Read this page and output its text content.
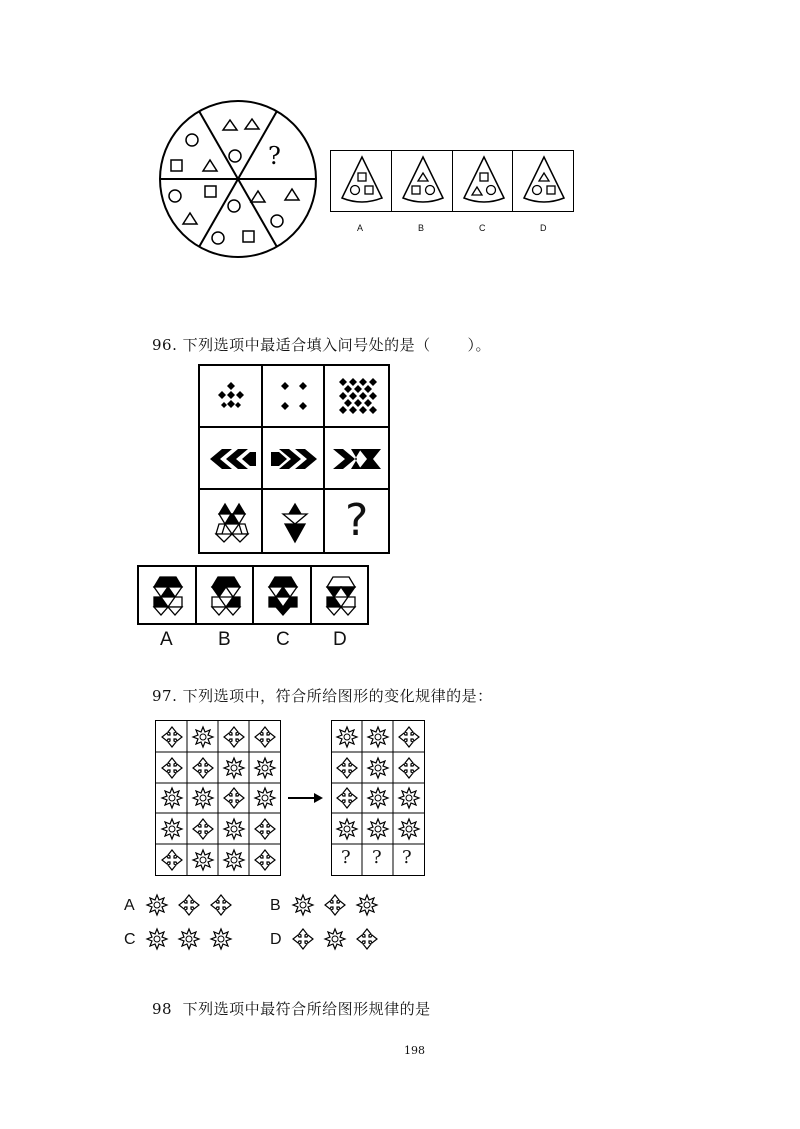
?
A	B	C	D
96. 下列选项中最适合填入问号处的是（       ）。
?
A B C D
97. 下列选项中，符合所给图形的变化规律的是：
? ? ?
A	B
C	D
98  下列选项中最符合所给图形规律的是
198
